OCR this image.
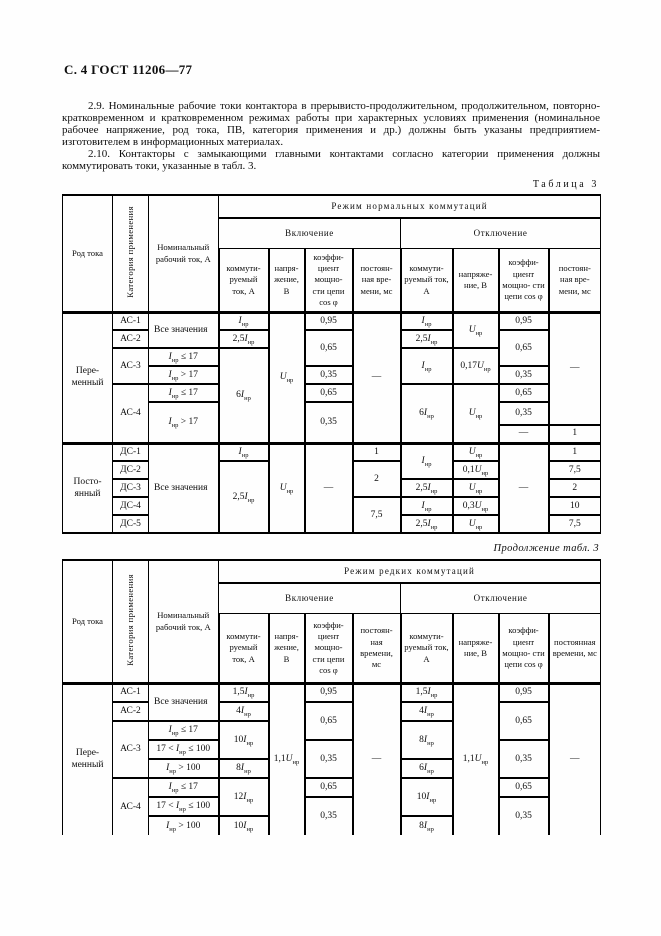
С. 4 ГОСТ 11206—77

2.9. Номинальные рабочие токи контактора в прерывисто-продолжительном, продолжительном, повторно-кратковременном и кратковременном режимах работы при характерных условиях применения (номинальное рабочее напряжение, род тока, ПВ, категория применения и др.) должны быть указаны предприятием-изготовителем в информационных материалах.

2.10. Контакторы с замыкающими главными контактами согласно категории применения должны коммутировать токи, указанные в табл. 3.

Таблица 3
Род тока	Категория применения	Номинальный рабочий ток, А	Режим нормальных коммутаций							
			Включение				Отключение			
			коммути- руемый ток, А	напря- жение, В	коэффи- циент мощно- сти цепи cos φ	постоян- ная вре- мени, мс	коммути- руемый ток, А	напряже- ние, В	коэффи- циент мощно- сти цепи cos φ	постоян- ная вре- мени, мс
Пере- менный	АС-1	Все значения	$I_{нр}$	$U_{нр}$	0,95	—	$I_{нр}$	$U_{нр}$	0,95	—
	АС-2		$2,5I_{нр}$		0,65		$2,5I_{нр}$		0,65	
	АС-3	$I_{нр} \le 17$	$6I_{нр}$				$I_{нр}$	$0,17U_{нр}$
		$I_{нр} > 17$			0,35				0,35	
	АС-4	$I_{нр} \le 17$			0,65		$6I_{нр}$	$U_{нр}$	0,65	
		$I_{нр} > 17$			0,35				0,35	
									—	1
Посто- янный	ДС-1	Все значения	$I_{нр}$	$U_{нр}$	—	1	$I_{нр}$	$U_{нр}$	—	1
	ДС-2		$2,5I_{нр}$			2		$0,1U_{нр}$		7,5
	ДС-3						$2,5I_{нр}$	$U_{нр}$		2
	ДС-4					7,5	$I_{нр}$	$0,3U_{нр}$		10
	ДС-5						$2,5I_{нр}$	$U_{нр}$		7,5
Продолжение табл. 3
Род тока	Категория применения	Номинальный рабочий ток, А	Режим редких коммутаций							
			Включение				Отключение			
			коммути- руемый ток, А	напря- жение, В	коэффи- циент мощно- сти цепи cos φ	постоян- ная времени, мс	коммути- руемый ток, А	напряже- ние, В	коэффи- циент мощно- сти цепи cos φ	постоянная времени, мс
Пере- менный	АС-1	Все значения	$1,5I_{нр}$	$1,1U_{нр}$	0,95	—	$1,5I_{нр}$	$1,1U_{нр}$	0,95	—
	АС-2		$4I_{нр}$		0,65		$4I_{нр}$		0,65	
	АС-3	$I_{нр} \le 17$	$10I_{нр}$				$8I_{нр}$
		$17 < I_{нр} \le 100$			0,35				0,35	
		$I_{нр} > 100$	$8I_{нр}$				$6I_{нр}$
	АС-4	$I_{нр} \le 17$	$12I_{нр}$		0,65		$10I_{нр}$		0,65	
		$17 < I_{нр} \le 100$			0,35				0,35	
		$I_{нр} > 100$	$10I_{нр}$				$8I_{нр}$
